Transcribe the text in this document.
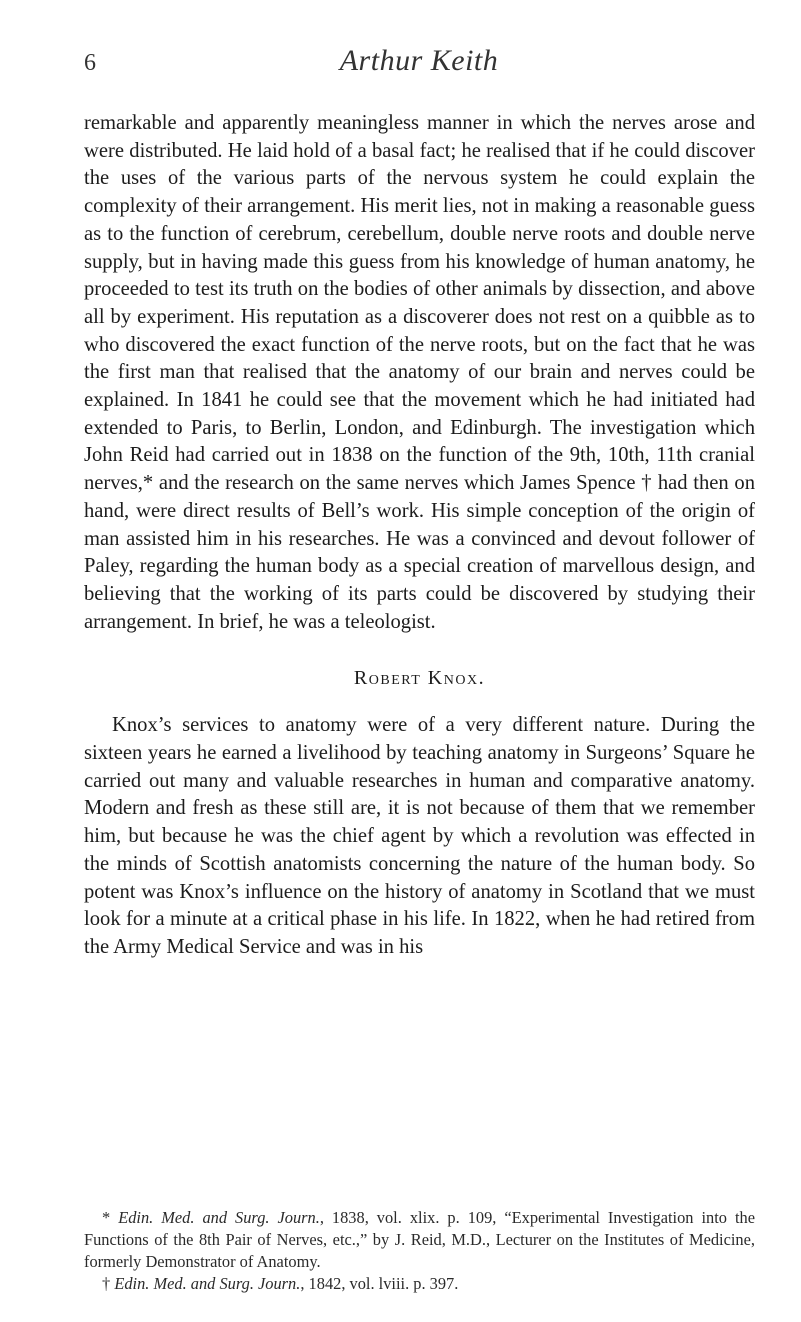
6	Arthur Keith

remarkable and apparently meaningless manner in which the nerves arose and were distributed. He laid hold of a basal fact; he realised that if he could discover the uses of the various parts of the nervous system he could explain the complexity of their arrangement. His merit lies, not in making a reasonable guess as to the function of cerebrum, cerebellum, double nerve roots and double nerve supply, but in having made this guess from his knowledge of human anatomy, he proceeded to test its truth on the bodies of other animals by dissection, and above all by experiment. His reputation as a discoverer does not rest on a quibble as to who discovered the exact function of the nerve roots, but on the fact that he was the first man that realised that the anatomy of our brain and nerves could be explained. In 1841 he could see that the movement which he had initiated had extended to Paris, to Berlin, London, and Edinburgh. The investigation which John Reid had carried out in 1838 on the function of the 9th, 10th, 11th cranial nerves,* and the research on the same nerves which James Spence † had then on hand, were direct results of Bell’s work. His simple conception of the origin of man assisted him in his researches. He was a convinced and devout follower of Paley, regarding the human body as a special creation of marvellous design, and believing that the working of its parts could be discovered by studying their arrangement. In brief, he was a teleologist.

Robert Knox.

Knox’s services to anatomy were of a very different nature. During the sixteen years he earned a livelihood by teaching anatomy in Surgeons’ Square he carried out many and valuable researches in human and comparative anatomy. Modern and fresh as these still are, it is not because of them that we remember him, but because he was the chief agent by which a revolution was effected in the minds of Scottish anatomists concerning the nature of the human body. So potent was Knox’s influence on the history of anatomy in Scotland that we must look for a minute at a critical phase in his life. In 1822, when he had retired from the Army Medical Service and was in his

* Edin. Med. and Surg. Journ., 1838, vol. xlix. p. 109, “Experimental Investigation into the Functions of the 8th Pair of Nerves, etc.,” by J. Reid, M.D., Lecturer on the Institutes of Medicine, formerly Demonstrator of Anatomy.

† Edin. Med. and Surg. Journ., 1842, vol. lviii. p. 397.
